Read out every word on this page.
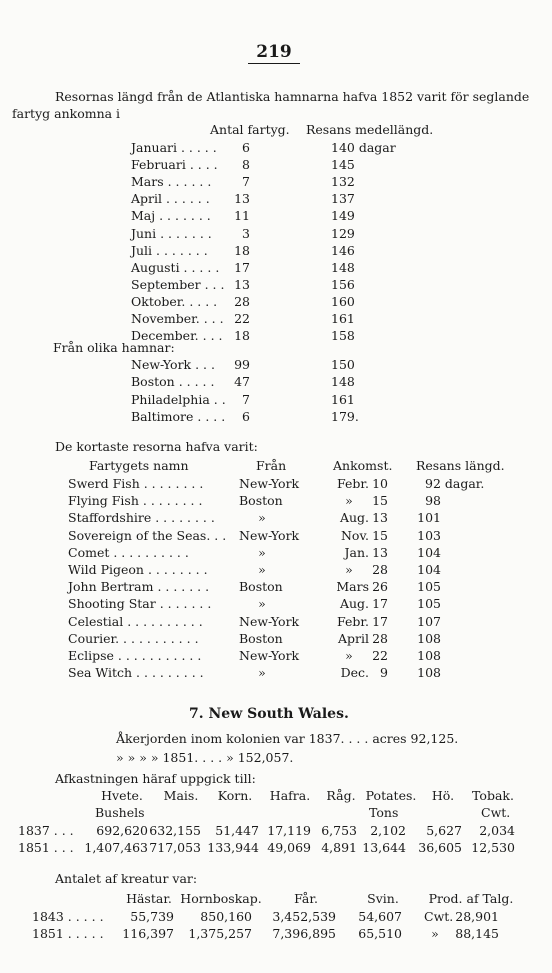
219
Resornas längd från de Atlantiska hamnarna hafva 1852 varit för seglande
fartyg ankomna i
Antal fartyg. Resans medellängd.
Januari . . . . .	6	140 dagar
Februari . . . .	8	145
Mars . . . . . .	7	132
April . . . . . .	13	137
Maj . . . . . . .	11	149
Juni . . . . . . .	3	129
Juli . . . . . . .	18	146
Augusti . . . . .	17	148
September . . . 13	156
Oktober. . . . .	28	160
November. . . . 22	161
December. . . . 18	158
Från olika hamnar:
New-York . . .	99	150
Boston . . . . .	47	148
Philadelphia . .	7	161
Baltimore . . . .	6	179.
De kortaste resorna hafva varit:
Fartygets namn	Från	Ankomst. Resans längd.
Swerd Fish . . . . . . . .	New-York	Febr. 10	92 dagar.
Flying Fish . . . . . . . .	Boston	»	15	98
Staffordshire . . . . . . . .	»	Aug. 13	101
Sovereign of the Seas. . . New-York	Nov. 15	103
Comet . . . . . . . . . .	»	Jan. 13	104
Wild Pigeon . . . . . . . .	»	»	28	104
John Bertram . . . . . . . Boston	Mars 26	105
Shooting Star . . . . . . .	»	Aug. 17	105
Celestial . . . . . . . . . .	New-York	Febr. 17	107
Courier. . . . . . . . . . .	Boston	April 28	108
Eclipse . . . . . . . . . . .	New-York	»	22	108
Sea Witch . . . . . . . . .	»	Dec. 9	108
7. New South Wales.
Åkerjorden inom kolonien var 1837. . . . acres 92,125.
» » » » 1851. . . . » 152,057.
Afkastningen häraf uppgick till:
Hvete.	Mais.	Korn.	Hafra.	Råg. Potates.	Hö.	Tobak.
Bushels	Tons	Cwt.
1837 . . .	692,620 632,155	51,447 17,119 6,753	2,102	5,627	2,034
1851 . . . 1,407,463 717,053 133,944 49,069 4,891 13,644 36,605 12,530
Antalet af kreatur var:
Hästar. Hornboskap.	Får.	Svin.	Prod. af Talg.
1843 . . . . .	55,739	850,160	3,452,539	54,607 Cwt. 28,901
1851 . . . . .	116,397	1,375,257	7,396,895	65,510	»	88,145
